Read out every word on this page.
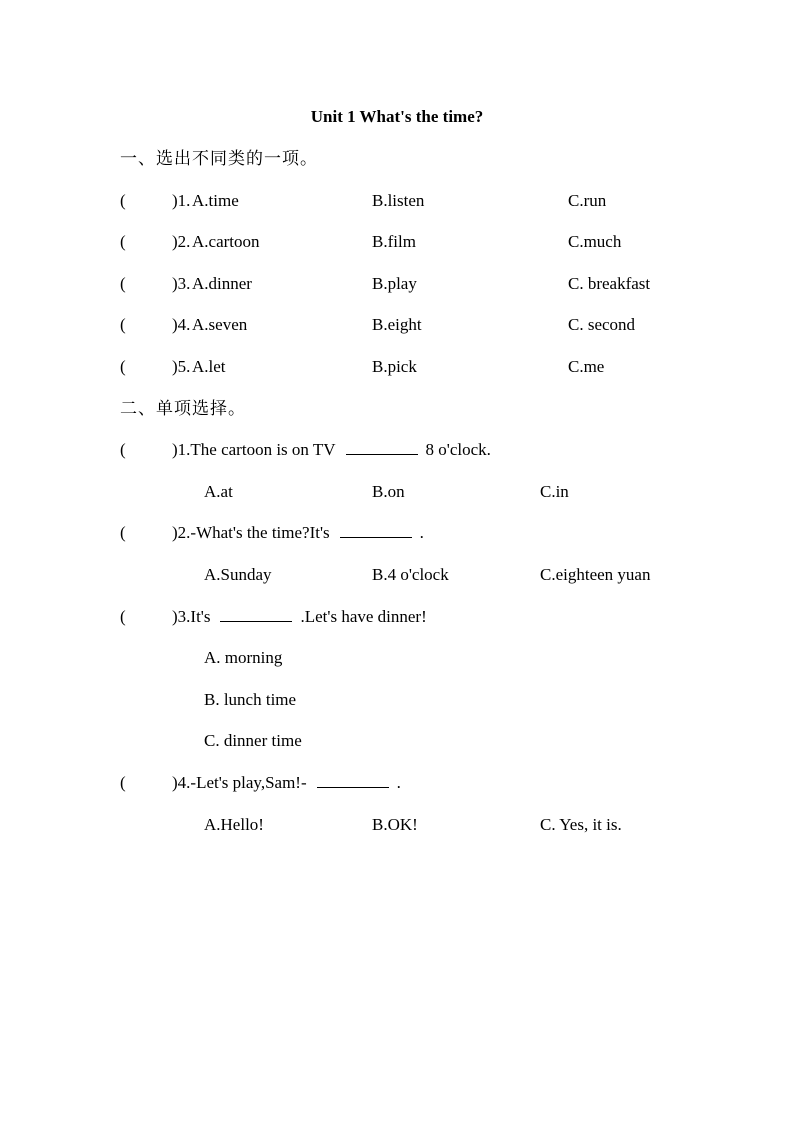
Unit 1 What's the time?
一、选出不同类的一项。
(	)1. A.time	B.listen	C.run
(	)2. A.cartoon	B.film	C.much
(	)3. A.dinner	B.play	C. breakfast
(	)4. A.seven	B.eight	C. second
(	)5. A.let	B.pick	C.me
二、单项选择。
(	)1.The cartoon is on TV	8 o'clock.
A.at	B.on	C.in
(	)2.-What's the time?It's	.
A.Sunday	B.4 o'clock	C.eighteen yuan
(	)3.It's	.Let's have dinner!
A. morning
B. lunch time
C. dinner time
(	)4.-Let's play,Sam!-	.
A.Hello!	B.OK!	C. Yes, it is.
